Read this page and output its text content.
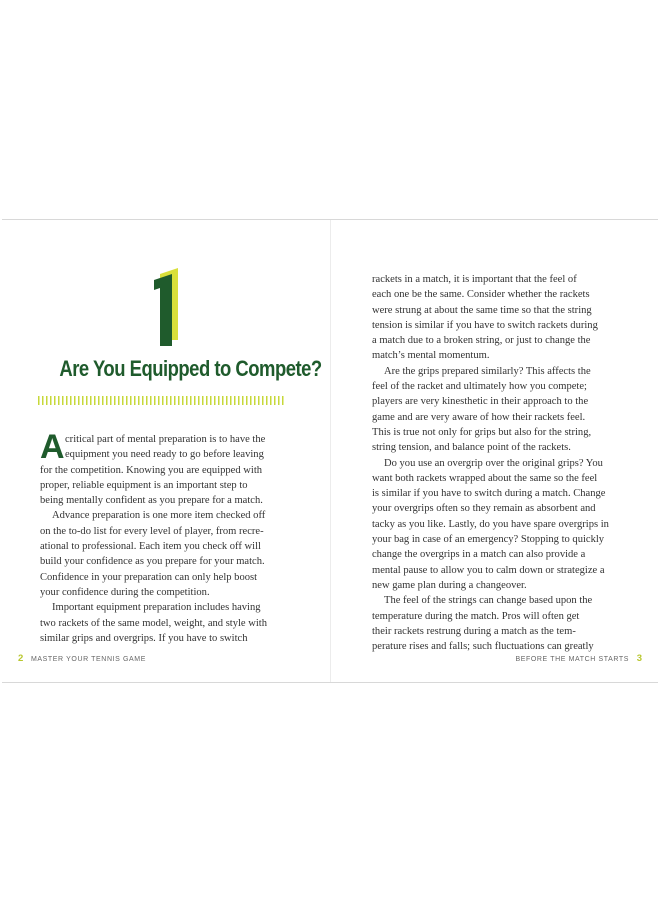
1
Are You Equipped to Compete?
A critical part of mental preparation is to have the
equipment you need ready to go before leaving
for the competition. Knowing you are equipped with
proper, reliable equipment is an important step to
being mentally confident as you prepare for a match.
Advance preparation is one more item checked off
on the to-do list for every level of player, from recre-
ational to professional. Each item you check off will
build your confidence as you prepare for your match.
Confidence in your preparation can only help boost
your confidence during the competition.
Important equipment preparation includes having
two rackets of the same model, weight, and style with
similar grips and overgrips. If you have to switch
rackets in a match, it is important that the feel of
each one be the same. Consider whether the rackets
were strung at about the same time so that the string
tension is similar if you have to switch rackets during
a match due to a broken string, or just to change the
match’s mental momentum.
Are the grips prepared similarly? This affects the
feel of the racket and ultimately how you compete;
players are very kinesthetic in their approach to the
game and are very aware of how their rackets feel.
This is true not only for grips but also for the string,
string tension, and balance point of the rackets.
Do you use an overgrip over the original grips? You
want both rackets wrapped about the same so the feel
is similar if you have to switch during a match. Change
your overgrips often so they remain as absorbent and
tacky as you like. Lastly, do you have spare overgrips in
your bag in case of an emergency? Stopping to quickly
change the overgrips in a match can also provide a
mental pause to allow you to calm down or strategize a
new game plan during a changeover.
The feel of the strings can change based upon the
temperature during the match. Pros will often get
their rackets restrung during a match as the tem-
perature rises and falls; such fluctuations can greatly
2 MASTER YOUR TENNIS GAME	BEFORE THE MATCH STARTS 3
